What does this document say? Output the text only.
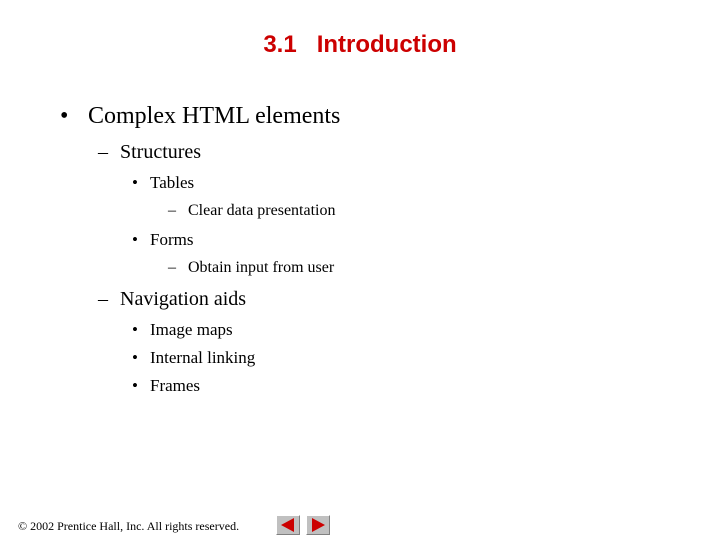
3.1   Introduction
• Complex HTML elements
– Structures
• Tables
– Clear data presentation
• Forms
– Obtain input from user
– Navigation aids
• Image maps
• Internal linking
• Frames
© 2002 Prentice Hall, Inc. All rights reserved.
